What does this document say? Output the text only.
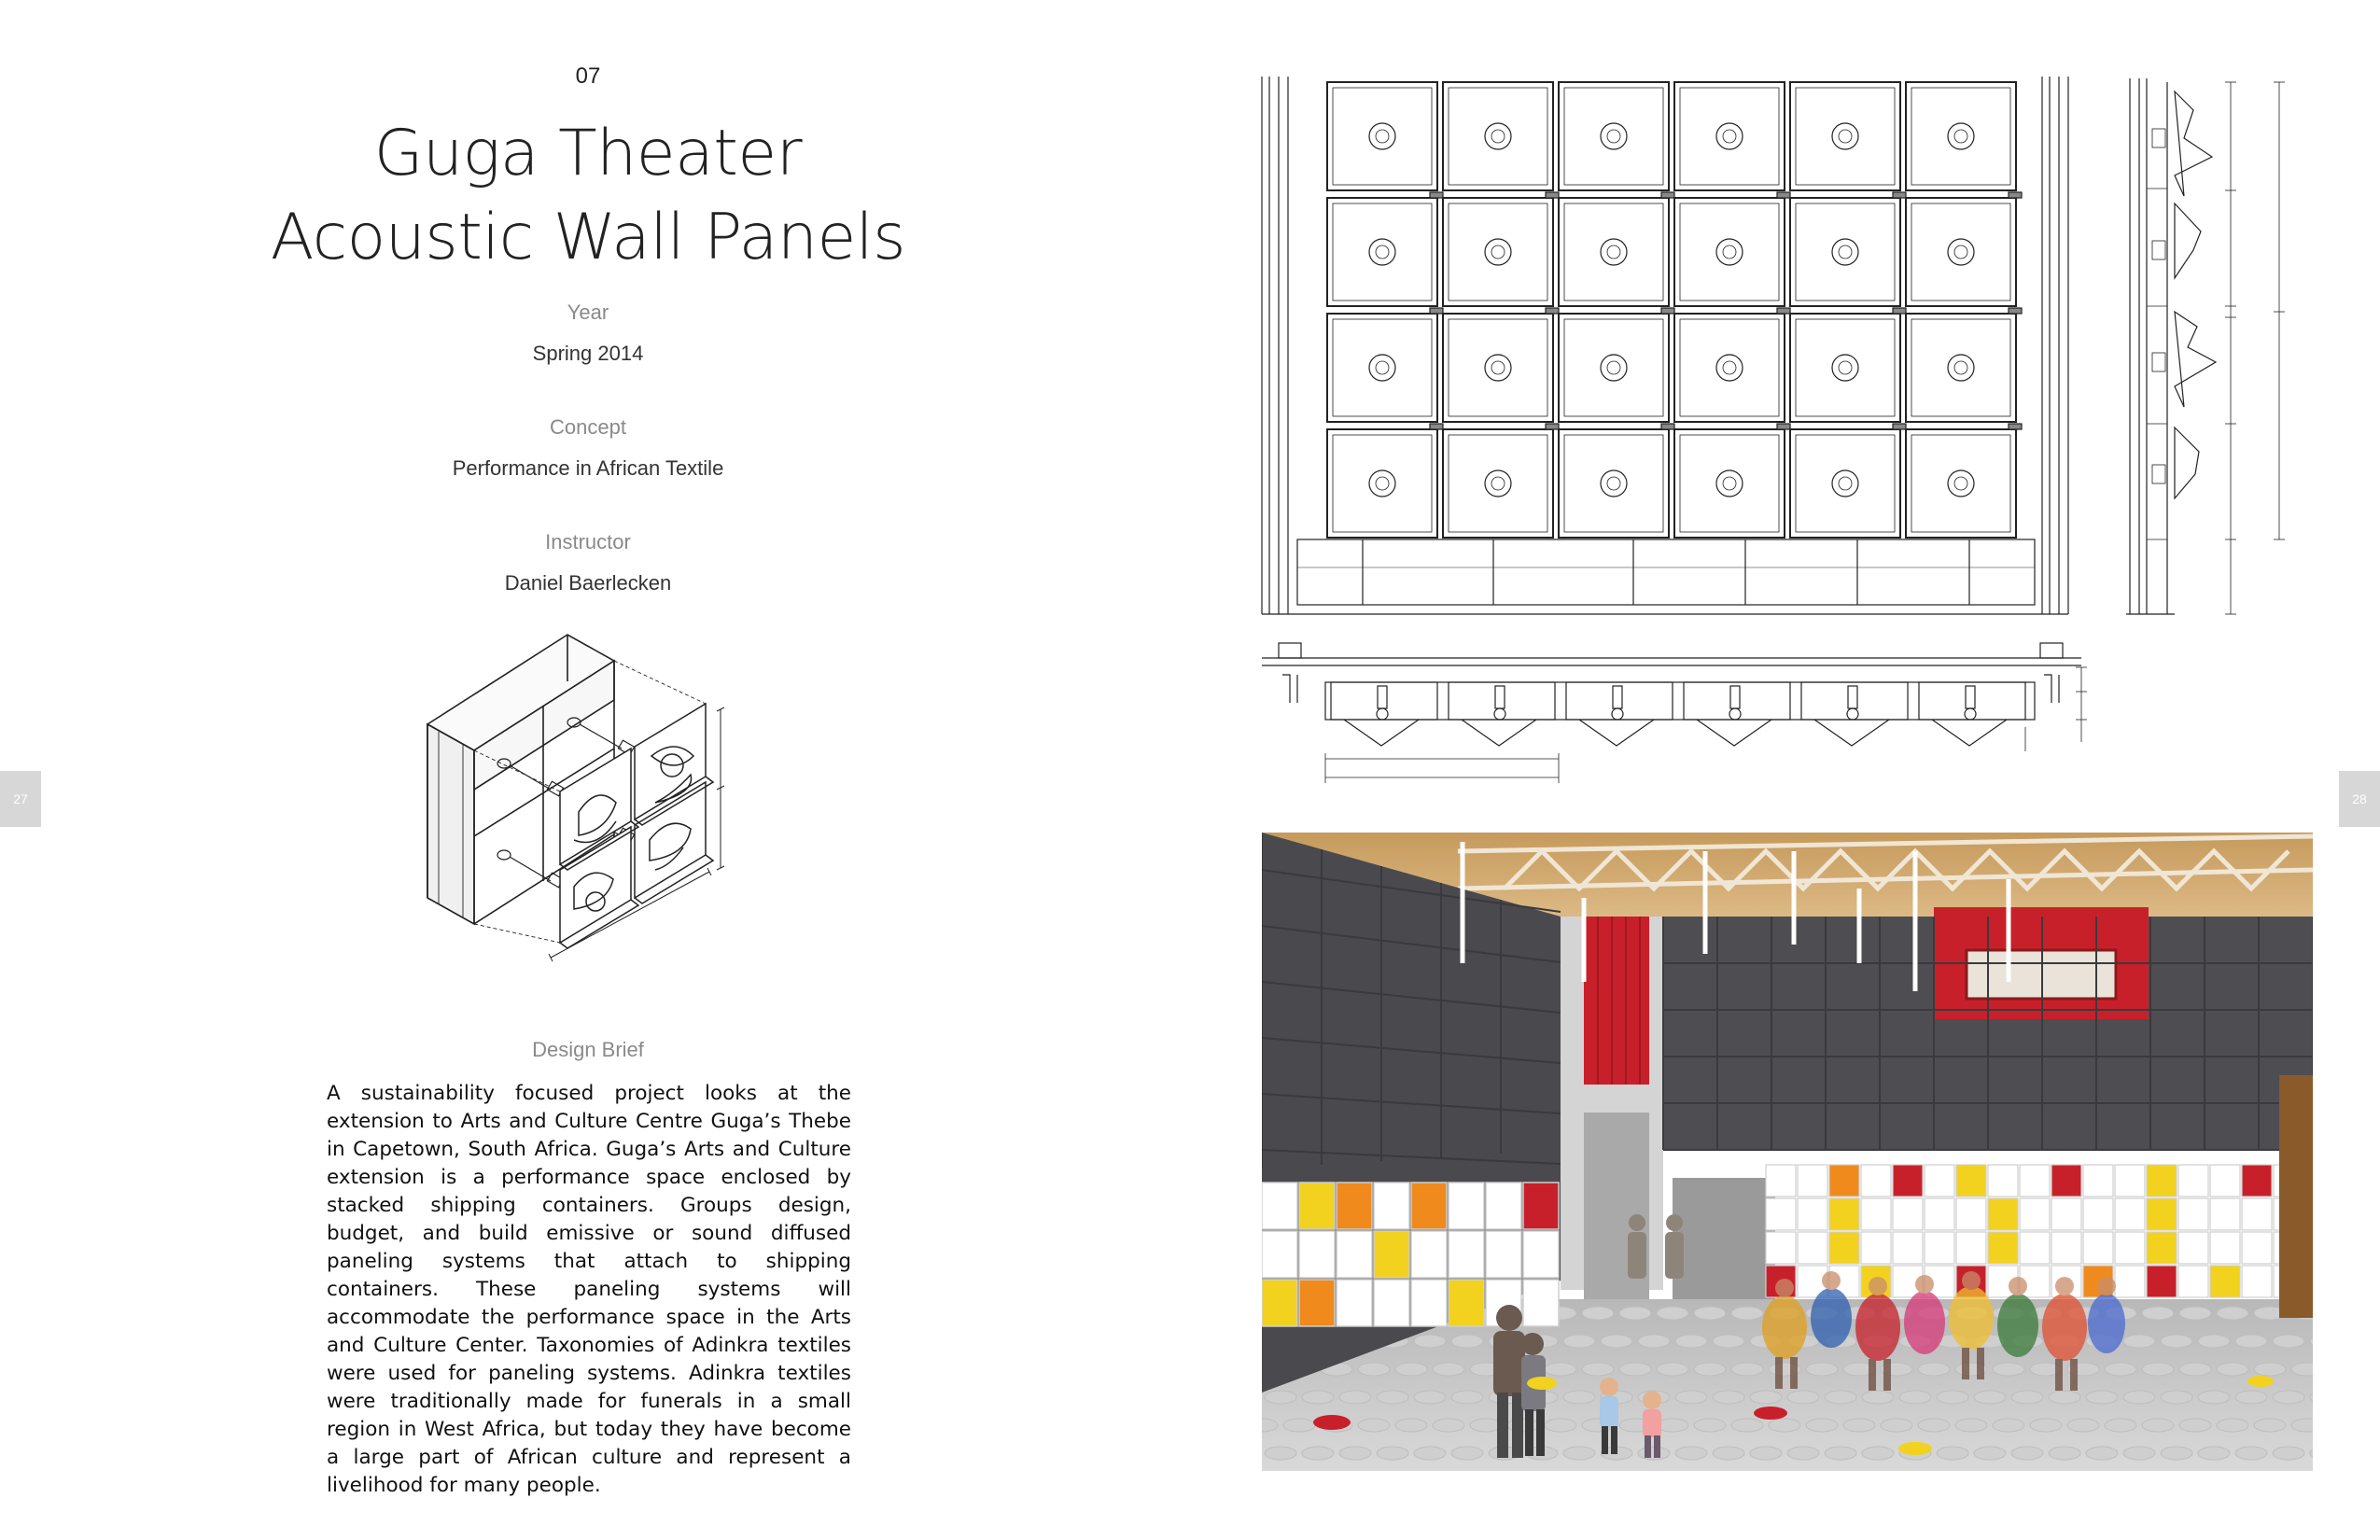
07
Guga Theater
Acoustic Wall Panels
Year
Spring 2014
Concept
Performance in African Textile
Instructor
Daniel Baerlecken
Design Brief
A sustainability focused project looks at the extension to Arts and Culture Centre Guga’s Thebe in Capetown, South Africa. Guga’s Arts and Culture extension is a performance space enclosed by stacked shipping containers. Groups design, budget, and build emissive or sound diffused paneling systems that attach to shipping containers. These paneling systems will accommodate the performance space in the Arts and Culture Center. Taxonomies of Adinkra textiles were used for paneling systems. Adinkra textiles were traditionally made for funerals in a small region in West Africa, but today they have become a large part of African culture and represent a livelihood for many people.
27	28
